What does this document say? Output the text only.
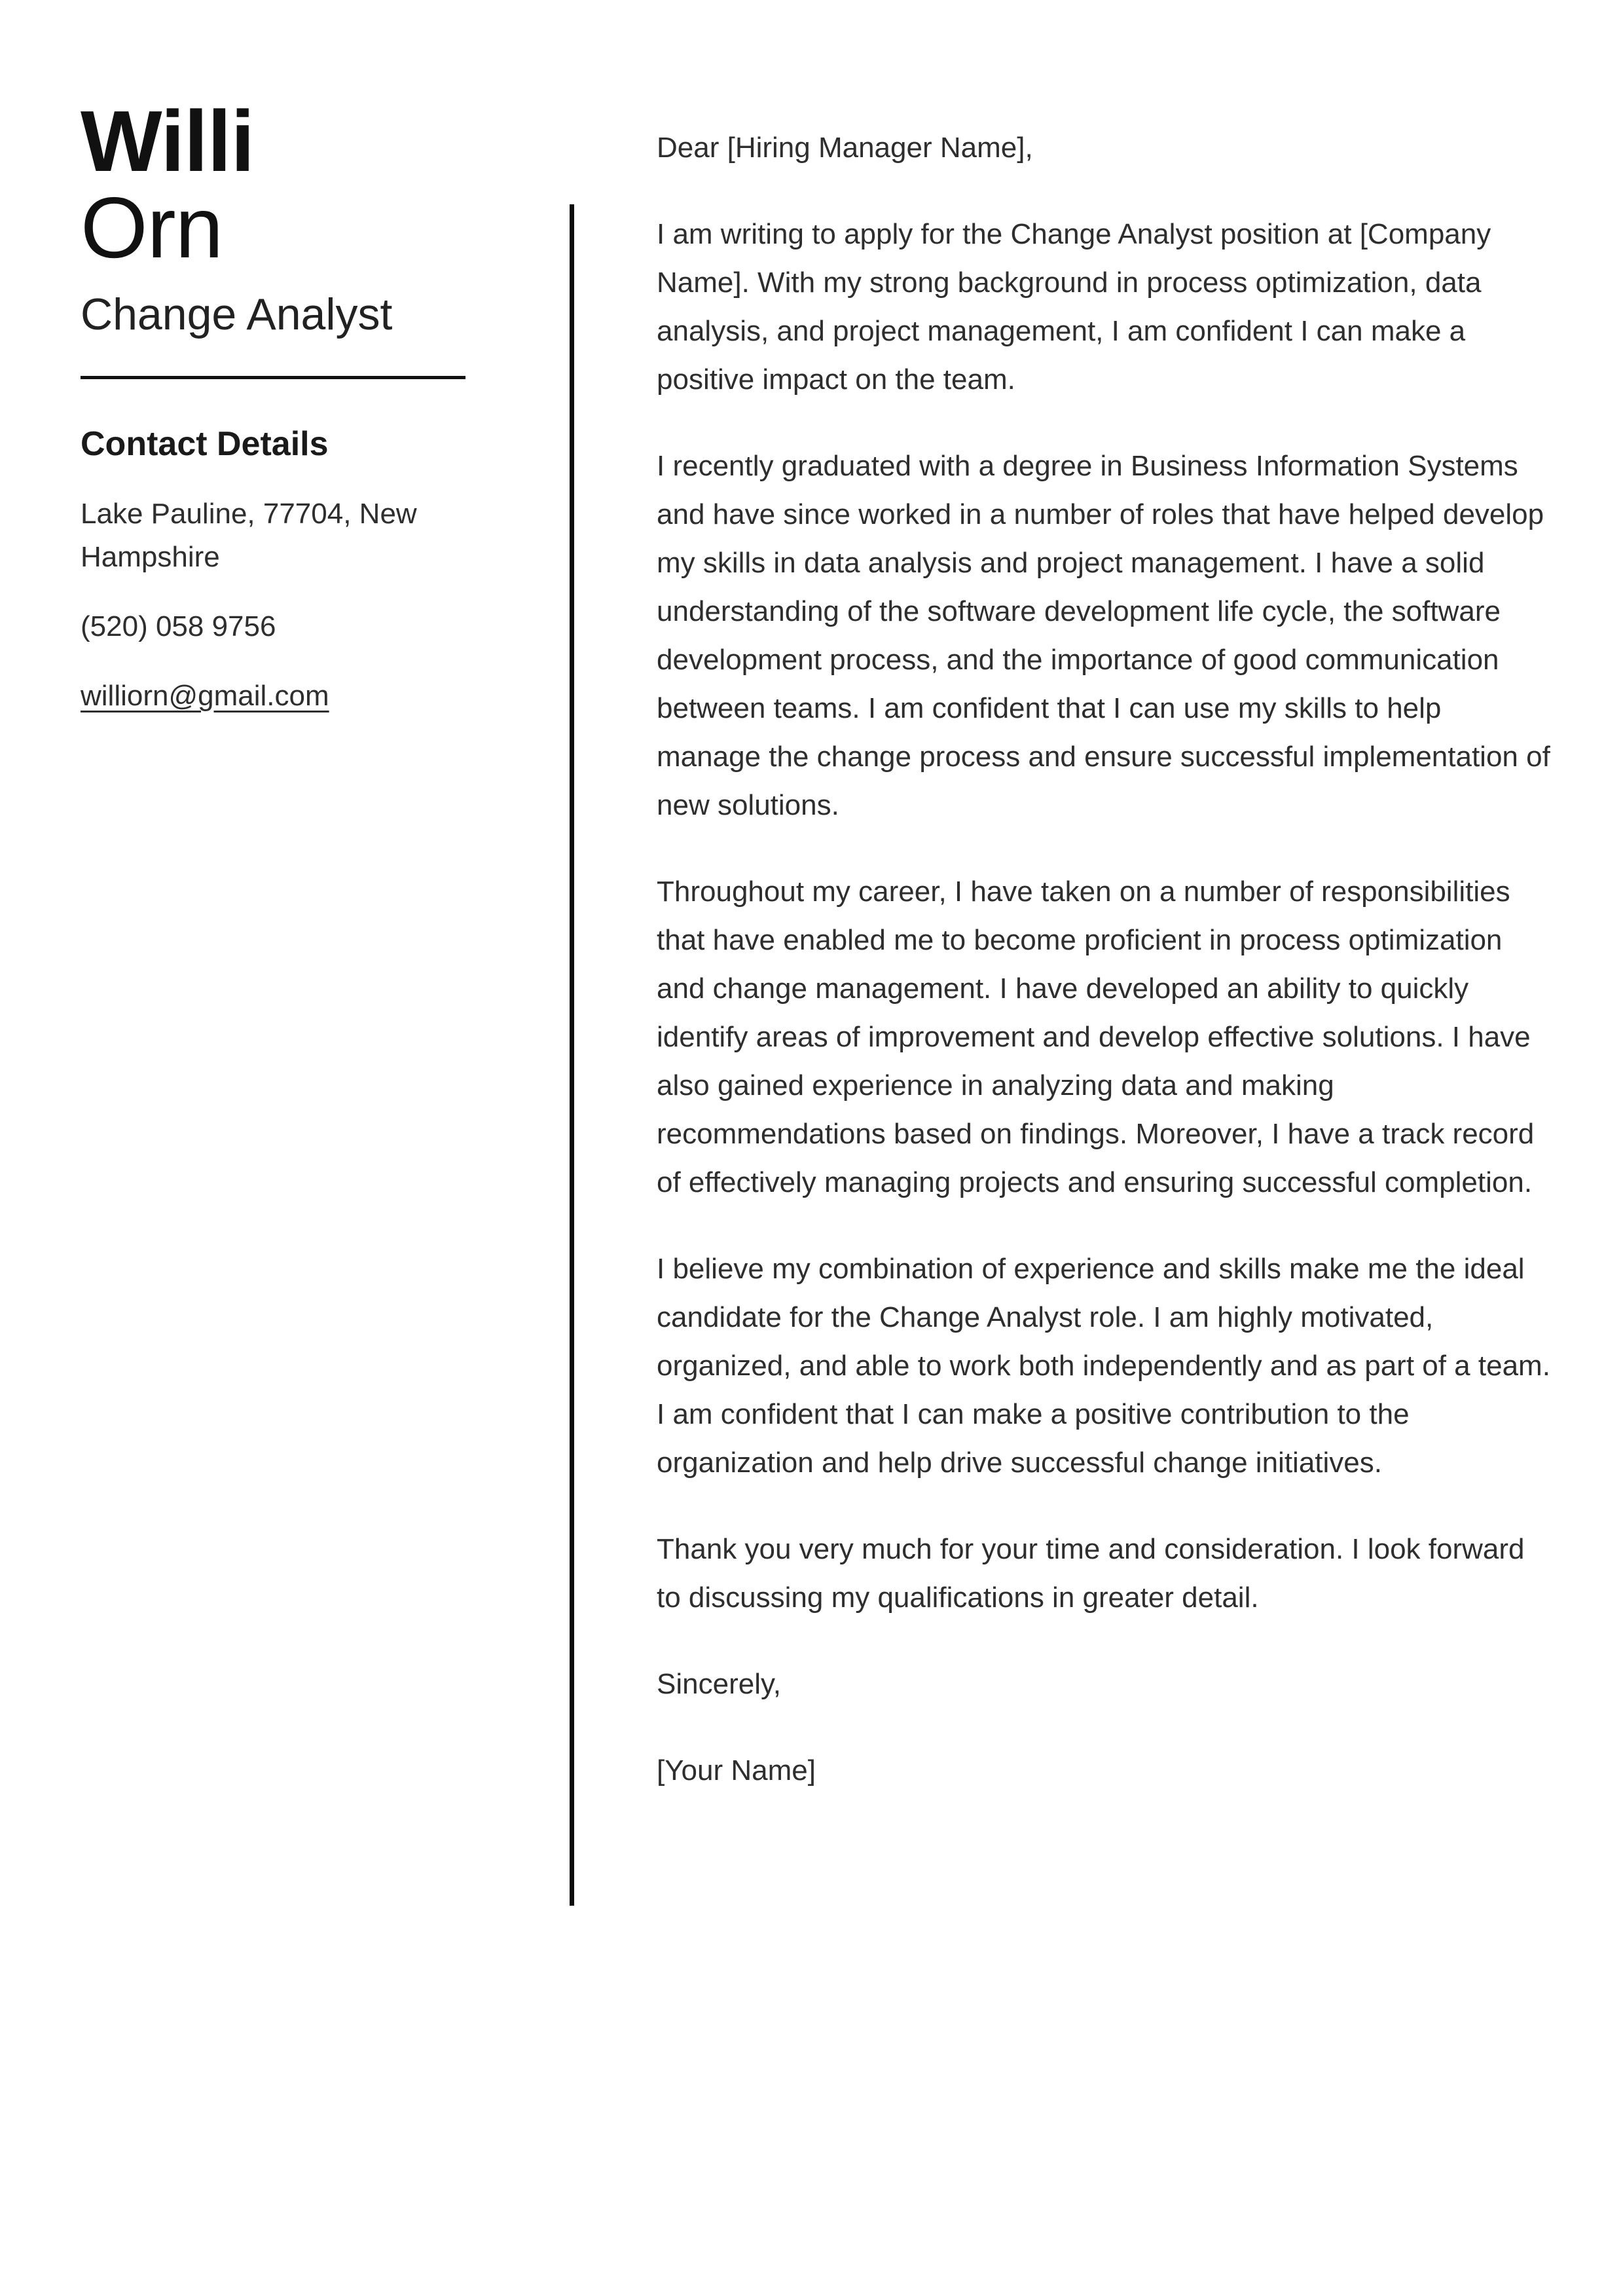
Willi
Orn
Change Analyst
Contact Details
Lake Pauline, 77704, New Hampshire
(520) 058 9756
williorn@gmail.com

Dear [Hiring Manager Name],

I am writing to apply for the Change Analyst position at [Company Name]. With my strong background in process optimization, data analysis, and project management, I am confident I can make a positive impact on the team.

I recently graduated with a degree in Business Information Systems and have since worked in a number of roles that have helped develop my skills in data analysis and project management. I have a solid understanding of the software development life cycle, the software development process, and the importance of good communication between teams. I am confident that I can use my skills to help manage the change process and ensure successful implementation of new solutions.

Throughout my career, I have taken on a number of responsibilities that have enabled me to become proficient in process optimization and change management. I have developed an ability to quickly identify areas of improvement and develop effective solutions. I have also gained experience in analyzing data and making recommendations based on findings. Moreover, I have a track record of effectively managing projects and ensuring successful completion.

I believe my combination of experience and skills make me the ideal candidate for the Change Analyst role. I am highly motivated, organized, and able to work both independently and as part of a team. I am confident that I can make a positive contribution to the organization and help drive successful change initiatives.

Thank you very much for your time and consideration. I look forward to discussing my qualifications in greater detail.

Sincerely,

[Your Name]
